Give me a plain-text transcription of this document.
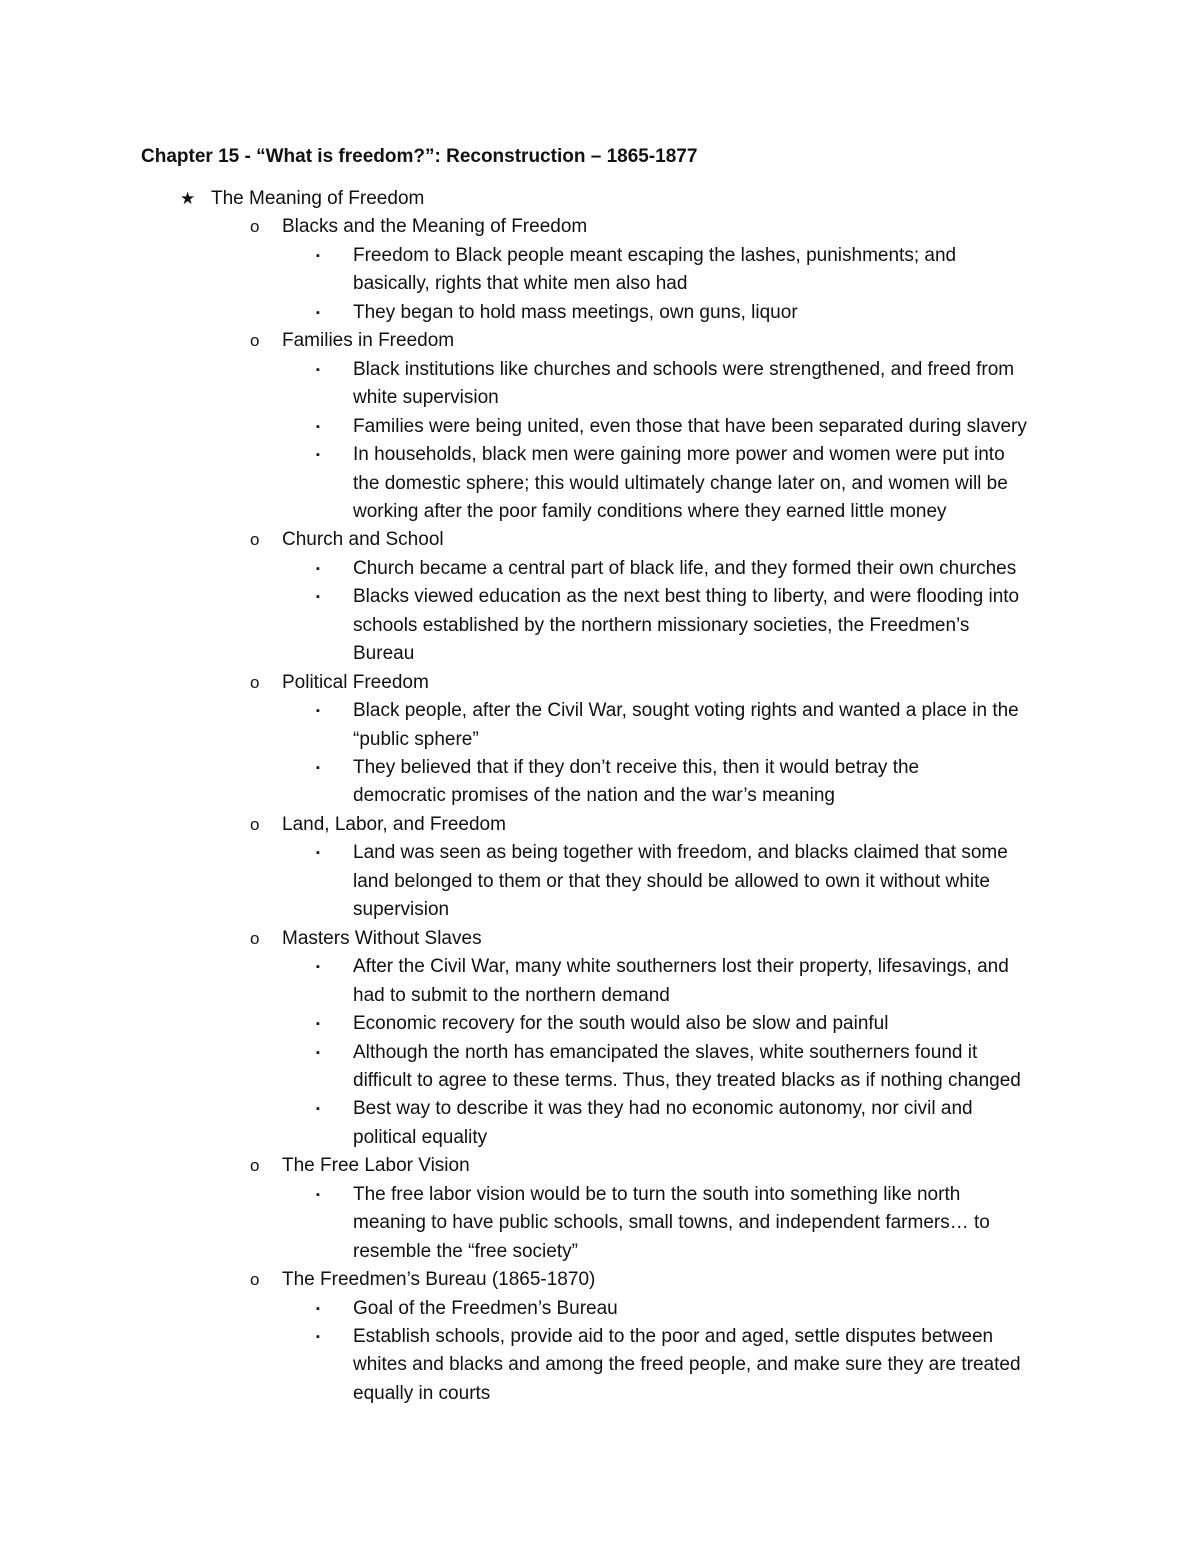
Chapter 15 - “What is freedom?”: Reconstruction – 1865-1877
★ The Meaning of Freedom
o Blacks and the Meaning of Freedom
▪ Freedom to Black people meant escaping the lashes, punishments; and
basically, rights that white men also had
▪ They began to hold mass meetings, own guns, liquor
o Families in Freedom
▪ Black institutions like churches and schools were strengthened, and freed from
white supervision
▪ Families were being united, even those that have been separated during slavery
▪ In households, black men were gaining more power and women were put into
the domestic sphere; this would ultimately change later on, and women will be
working after the poor family conditions where they earned little money
o Church and School
▪ Church became a central part of black life, and they formed their own churches
▪ Blacks viewed education as the next best thing to liberty, and were flooding into
schools established by the northern missionary societies, the Freedmen’s
Bureau
o Political Freedom
▪ Black people, after the Civil War, sought voting rights and wanted a place in the
“public sphere”
▪ They believed that if they don’t receive this, then it would betray the
democratic promises of the nation and the war’s meaning
o Land, Labor, and Freedom
▪ Land was seen as being together with freedom, and blacks claimed that some
land belonged to them or that they should be allowed to own it without white
supervision
o Masters Without Slaves
▪ After the Civil War, many white southerners lost their property, lifesavings, and
had to submit to the northern demand
▪ Economic recovery for the south would also be slow and painful
▪ Although the north has emancipated the slaves, white southerners found it
difficult to agree to these terms. Thus, they treated blacks as if nothing changed
▪ Best way to describe it was they had no economic autonomy, nor civil and
political equality
o The Free Labor Vision
▪ The free labor vision would be to turn the south into something like north
meaning to have public schools, small towns, and independent farmers… to
resemble the “free society”
o The Freedmen’s Bureau (1865-1870)
▪ Goal of the Freedmen’s Bureau
▪ Establish schools, provide aid to the poor and aged, settle disputes between
whites and blacks and among the freed people, and make sure they are treated
equally in courts
